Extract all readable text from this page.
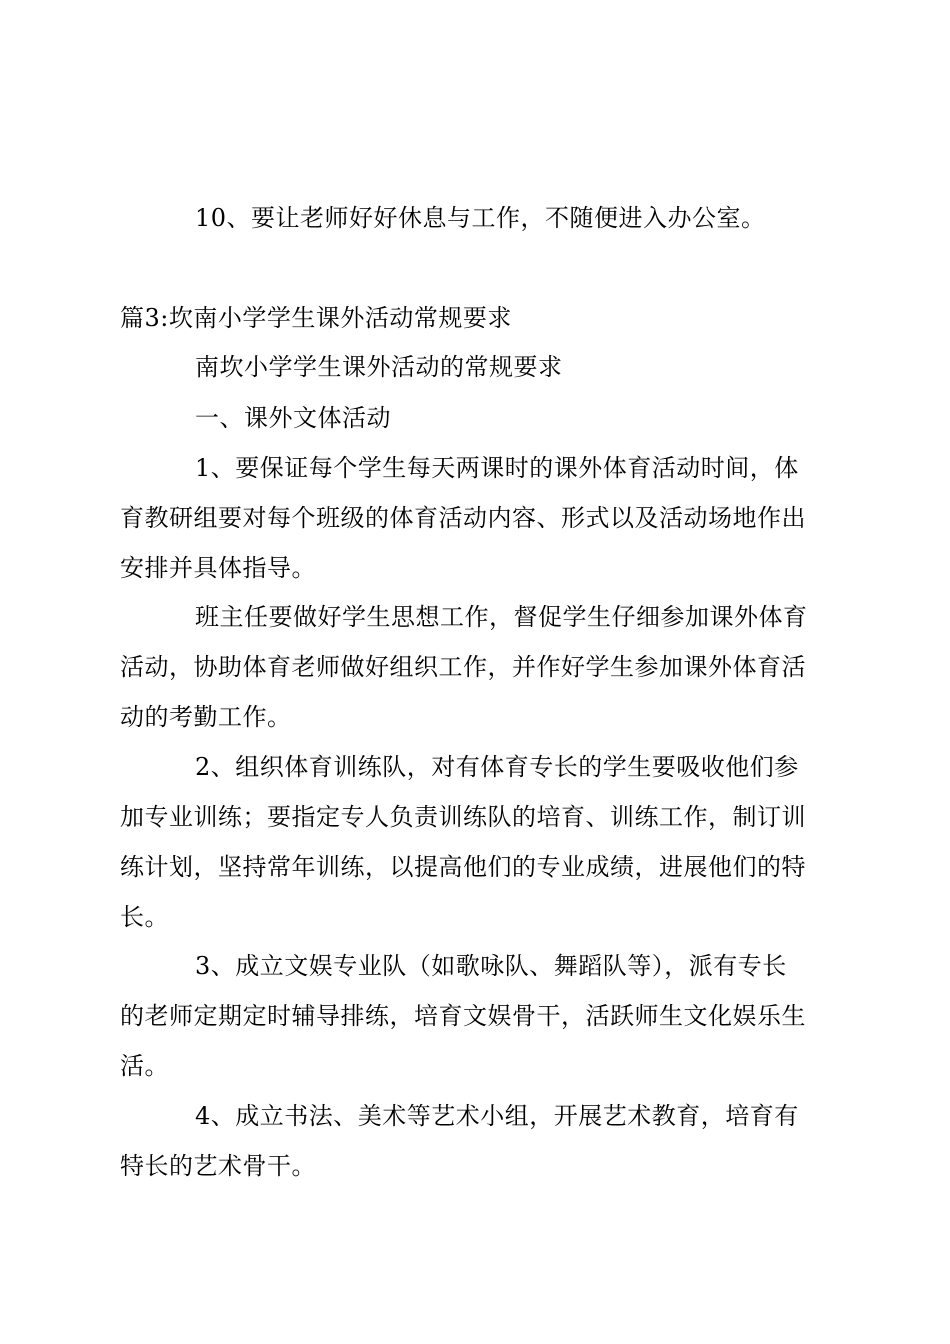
10、要让老师好好休息与工作，不随便进入办公室。
篇3:坎南小学学生课外活动常规要求
南坎小学学生课外活动的常规要求
一、课外文体活动
1、要保证每个学生每天两课时的课外体育活动时间，体
育教研组要对每个班级的体育活动内容、形式以及活动场地作出
安排并具体指导。
班主任要做好学生思想工作，督促学生仔细参加课外体育
活动，协助体育老师做好组织工作，并作好学生参加课外体育活
动的考勤工作。
2、组织体育训练队，对有体育专长的学生要吸收他们参
加专业训练；要指定专人负责训练队的培育、训练工作，制订训
练计划，坚持常年训练，以提高他们的专业成绩，进展他们的特
长。
3、成立文娱专业队（如歌咏队、舞蹈队等），派有专长
的老师定期定时辅导排练，培育文娱骨干，活跃师生文化娱乐生
活。
4、成立书法、美术等艺术小组，开展艺术教育，培育有
特长的艺术骨干。
